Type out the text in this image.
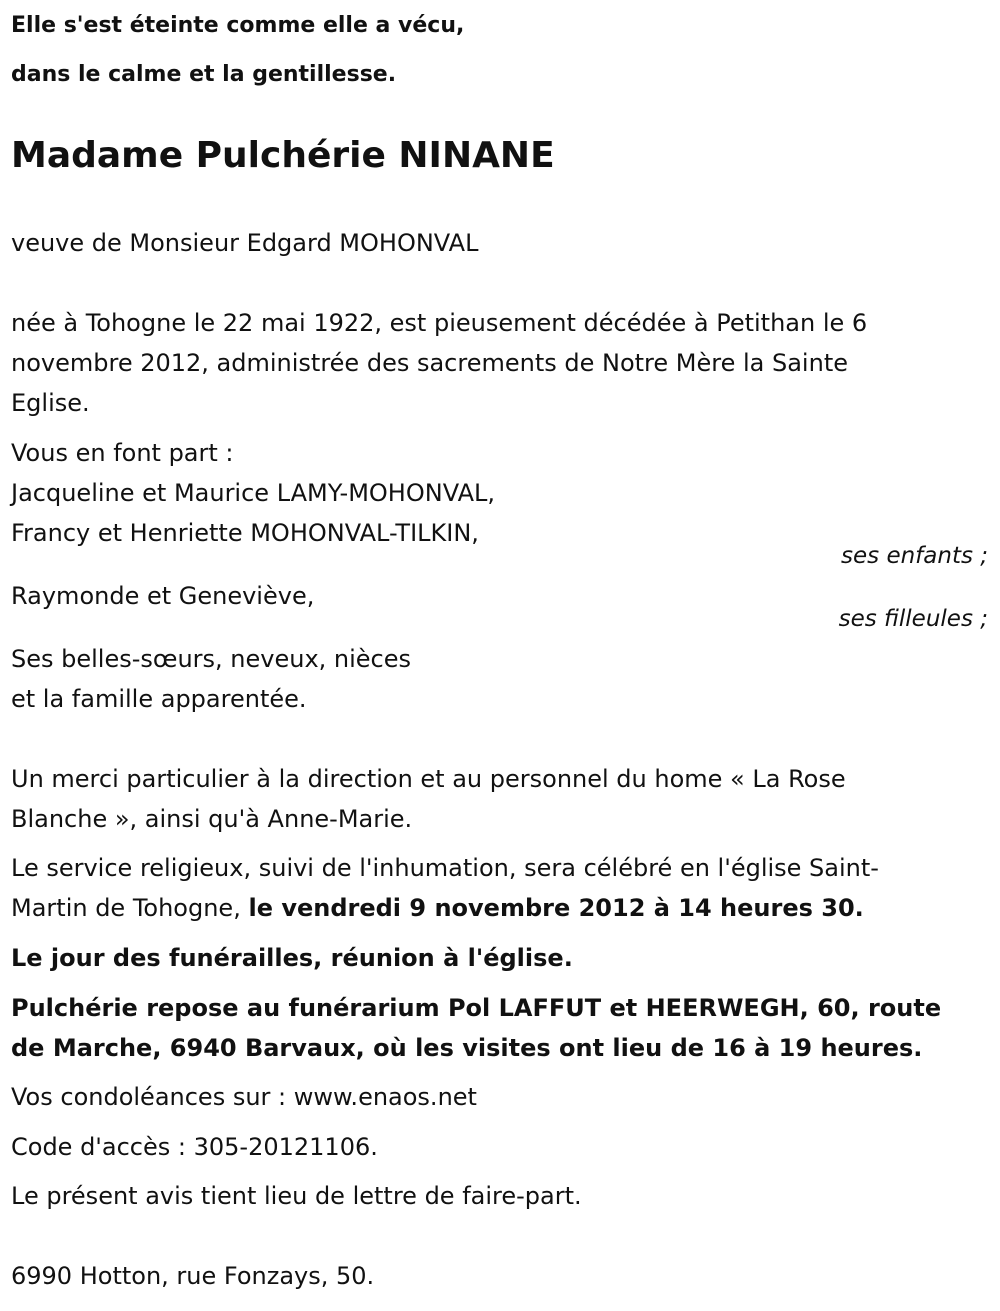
Elle s'est éteinte comme elle a vécu,

dans le calme et la gentillesse.

Madame Pulchérie NINANE

veuve de Monsieur Edgard MOHONVAL

née à Tohogne le 22 mai 1922, est pieusement décédée à Petithan le 6

novembre 2012, administrée des sacrements de Notre Mère la Sainte

Eglise.

Vous en font part :

Jacqueline et Maurice LAMY-MOHONVAL,

Francy et Henriette MOHONVAL-TILKIN,

ses enfants ;

Raymonde et Geneviève,

ses filleules ;

Ses belles-sœurs, neveux, nièces

et la famille apparentée.

Un merci particulier à la direction et au personnel du home « La Rose

Blanche », ainsi qu'à Anne-Marie.

Le service religieux, suivi de l'inhumation, sera célébré en l'église Saint-

Martin de Tohogne, le vendredi 9 novembre 2012 à 14 heures 30.

Le jour des funérailles, réunion à l'église.

Pulchérie repose au funérarium Pol LAFFUT et HEERWEGH, 60, route

de Marche, 6940 Barvaux, où les visites ont lieu de 16 à 19 heures.

Vos condoléances sur : www.enaos.net

Code d'accès : 305-20121106.

Le présent avis tient lieu de lettre de faire-part.

6990 Hotton, rue Fonzays, 50.
